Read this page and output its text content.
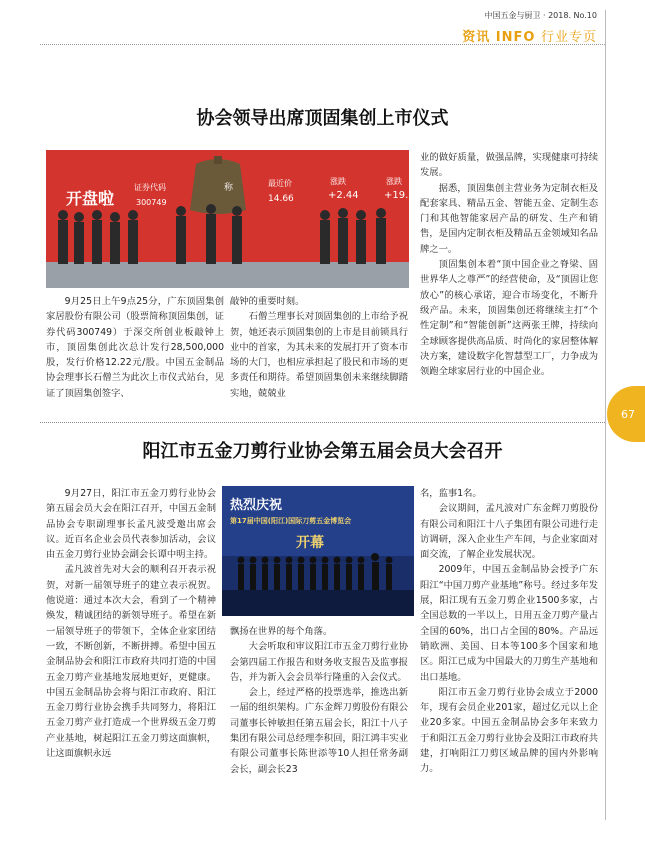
中国五金与厨卫 · 2018. No.10
资讯 INFO 行业专页
67
协会领导出席顶固集创上市仪式
开盘啦
证券代码
300749
称	最近价
14.66
涨跌
+2.44
涨跌
+19.

9月25日上午9点25分，广东顶固集创家居股份有限公司（股票简称顶固集创，证券代码300749）于深交所创业板敲钟上市，顶固集创此次总计发行28,500,000股，发行价格12.22元/股。中国五金制品协会理事长石僧兰为此次上市仪式站台，见证了顶固集创签字、

敲钟的重要时刻。

石僧兰理事长对顶固集创的上市给予祝贺，她还表示顶固集创的上市是目前锁具行业中的首家，为其未来的发展打开了资本市场的大门，也相应承担起了股民和市场的更多责任和期待。希望顶固集创未来继续脚踏实地，兢兢业

业的做好质量，做强品牌，实现健康可持续发展。

据悉，顶固集创主营业务为定制衣柜及配套家具、精品五金、智能五金、定制生态门和其他智能家居产品的研发、生产和销售，是国内定制衣柜及精品五金领域知名品牌之一。

顶固集创本着“顶中国企业之脊梁、固世界华人之尊严”的经营使命，及“顶固让您放心”的核心承诺，迎合市场变化，不断升级产品。未来，顶固集创还将继续主打“个性定制”和“智能创新”这两张王牌，持续向全球顾客提供高品质、时尚化的家居整体解决方案，建设数字化智慧型工厂，力争成为领跑全球家居行业的中国企业。

阳江市五金刀剪行业协会第五届会员大会召开

9月27日，阳江市五金刀剪行业协会第五届会员大会在阳江召开，中国五金制品协会专职副理事长孟凡波受邀出席会议。近百名企业会员代表参加活动，会议由五金刀剪行业协会副会长谭中明主持。

孟凡波首先对大会的顺利召开表示祝贺，对新一届领导班子的建立表示祝贺。他说道：通过本次大会，看到了一个精神焕发，精诚团结的新领导班子。希望在新一届领导班子的带领下，全体企业家团结一致，不断创新，不断拼搏。希望中国五金制品协会和阳江市政府共同打造的中国五金刀剪产业基地发展地更好，更健康。中国五金制品协会将与阳江市政府、阳江五金刀剪行业协会携手共同努力，将阳江五金刀剪产业打造成一个世界级五金刀剪产业基地，树起阳江五金刀剪这面旗帜，让这面旗帜永远

热烈庆祝
第17届中国(阳江)国际刀剪五金博览会
开幕

飘扬在世界的每个角落。

大会听取和审议阳江市五金刀剪行业协会第四届工作报告和财务收支报告及监事报告，并为新入会会员举行隆重的入会仪式。

会上，经过严格的投票选举，推选出新一届的组织架构。广东金辉刀剪股份有限公司董事长钟敏担任第五届会长，阳江十八子集团有限公司总经理李积回，阳江鸿丰实业有限公司董事长陈世添等10人担任常务副会长，副会长23

名，监事1名。

会议期间，孟凡波对广东金辉刀剪股份有限公司和阳江十八子集团有限公司进行走访调研，深入企业生产车间，与企业家面对面交流，了解企业发展状况。

2009年，中国五金制品协会授予广东阳江“中国刀剪产业基地”称号。经过多年发展，阳江现有五金刀剪企业1500多家，占全国总数的一半以上，日用五金刀剪产量占全国的60%，出口占全国的80%。产品远销欧洲、美国、日本等100多个国家和地区。阳江已成为中国最大的刀剪生产基地和出口基地。

阳江市五金刀剪行业协会成立于2000年，现有会员企业201家，超过亿元以上企业20多家。中国五金制品协会多年来致力于和阳江五金刀剪行业协会及阳江市政府共建，打响阳江刀剪区域品牌的国内外影响力。
